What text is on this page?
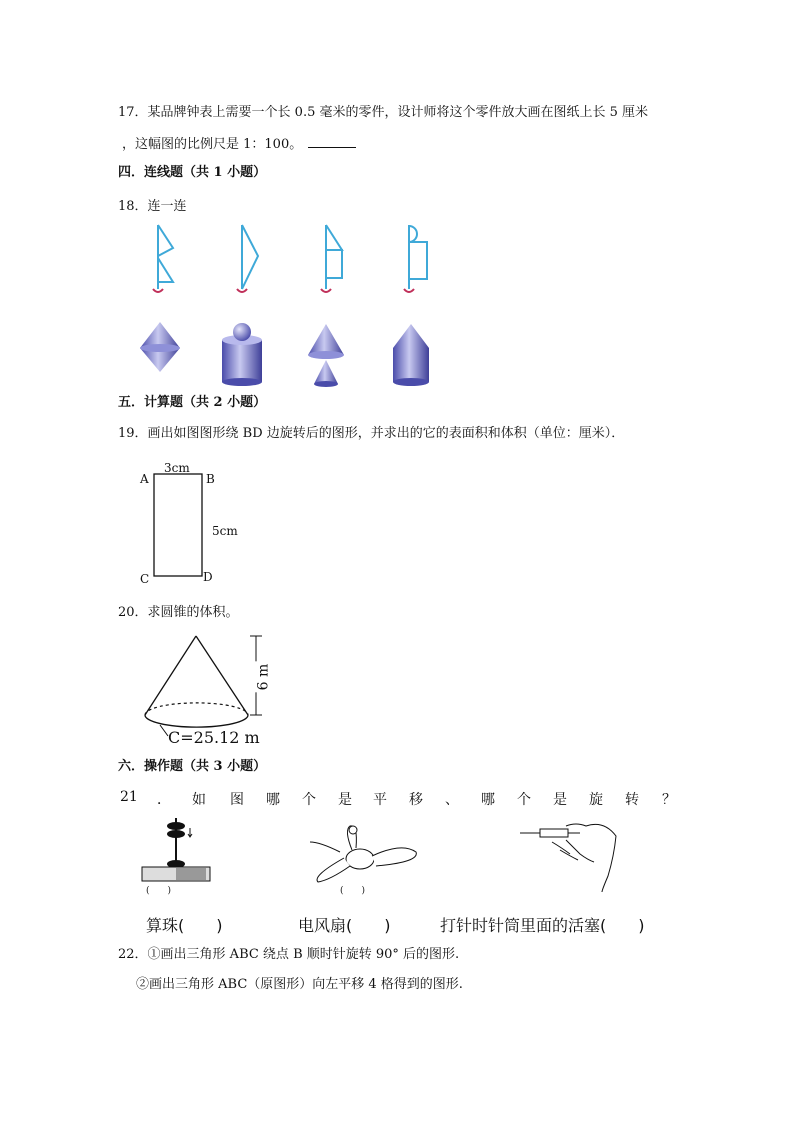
17．某品牌钟表上需要一个长 0.5 毫米的零件，设计师将这个零件放大画在图纸上长 5 厘米
，这幅图的比例尺是 1：100。
四．连线题（共 1 小题）
18．连一连
五．计算题（共 2 小题）
19．画出如图图形绕 BD 边旋转后的图形，并求出的它的表面积和体积（单位：厘米）．
A	B
C	D
3cm
5cm
20．求圆锥的体积。
6 m
C=25.12 m
六．操作题（共 3 小题）
21 ． 如 图 哪 个 是 平 移 、 哪 个 是 旋 转 ？
(　　)	(　　)
算珠(　　)	电风扇(　　)	打针时针筒里面的活塞(　　)
22．①画出三角形 ABC 绕点 B 顺时针旋转 90° 后的图形.
②画出三角形 ABC（原图形）向左平移 4 格得到的图形.
